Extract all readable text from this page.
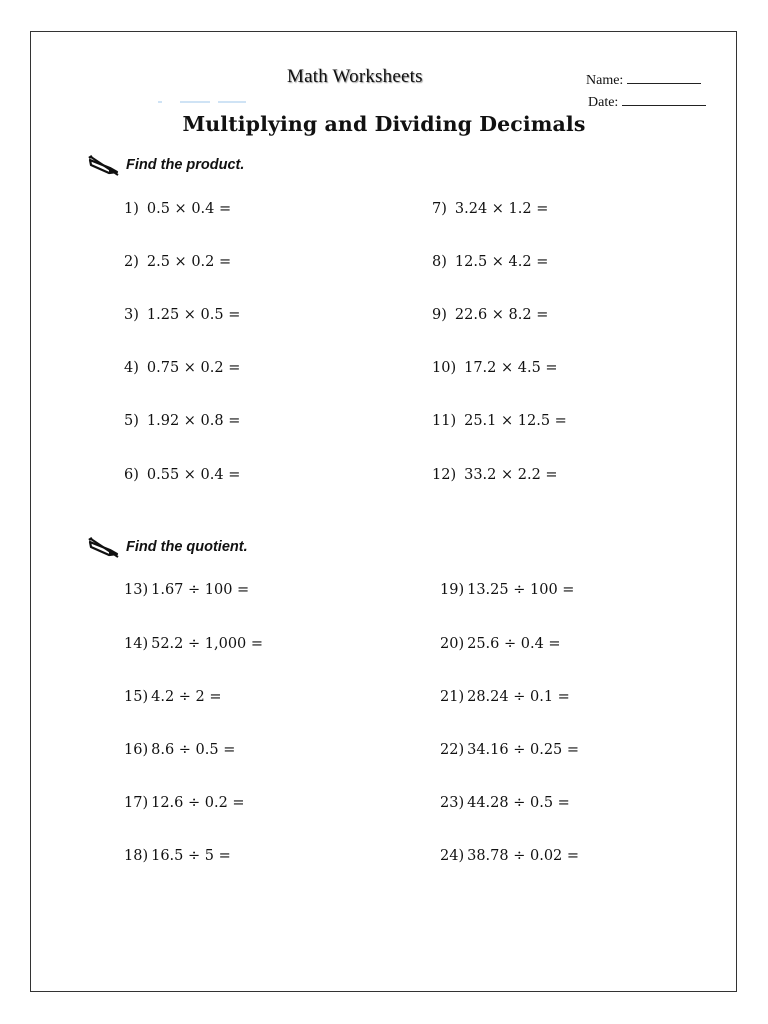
Math Worksheets	Name:
Date:
Multiplying and Dividing Decimals
Find the product.
1) 0.5 × 0.4 =
2) 2.5 × 0.2 =
3) 1.25 × 0.5 =
4) 0.75 × 0.2 =
5) 1.92 × 0.8 =
6) 0.55 × 0.4 =
7) 3.24 × 1.2 =
8) 12.5 × 4.2 =
9) 22.6 × 8.2 =
10) 17.2 × 4.5 =
11) 25.1 × 12.5 =
12) 33.2 × 2.2 =
Find the quotient.
13) 1.67 ÷ 100 =
14) 52.2 ÷ 1,000 =
15) 4.2 ÷ 2 =
16) 8.6 ÷ 0.5 =
17) 12.6 ÷ 0.2 =
18) 16.5 ÷ 5 =
19) 13.25 ÷ 100 =
20) 25.6 ÷ 0.4 =
21) 28.24 ÷ 0.1 =
22) 34.16 ÷ 0.25 =
23) 44.28 ÷ 0.5 =
24) 38.78 ÷ 0.02 =
